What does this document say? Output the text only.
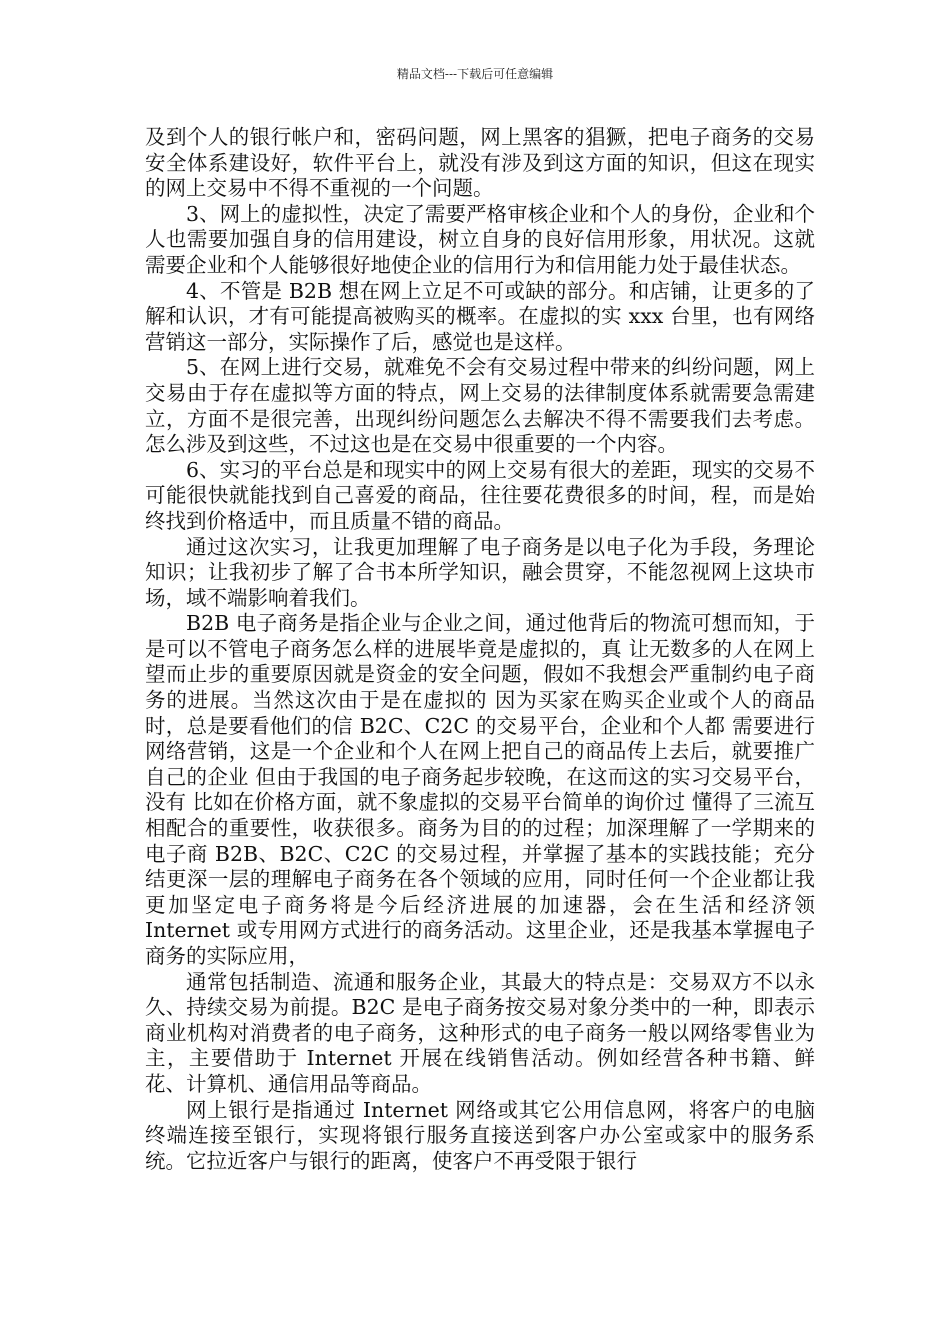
精品文档---下载后可任意编辑

及到个人的银行帐户和，密码问题，网上黑客的猖獗，把电子商务的交易安全体系建设好，软件平台上，就没有涉及到这方面的知识，但这在现实的网上交易中不得不重视的一个问题。

3、网上的虚拟性，决定了需要严格审核企业和个人的身份，企业和个人也需要加强自身的信用建设，树立自身的良好信用形象，用状况。这就需要企业和个人能够很好地使企业的信用行为和信用能力处于最佳状态。

4、不管是 B2B 想在网上立足不可或缺的部分。和店铺，让更多的了解和认识，才有可能提高被购买的概率。在虚拟的实 xxx 台里，也有网络营销这一部分，实际操作了后，感觉也是这样。

5、在网上进行交易，就难免不会有交易过程中带来的纠纷问题，网上交易由于存在虚拟等方面的特点，网上交易的法律制度体系就需要急需建立，方面不是很完善，出现纠纷问题怎么去解决不得不需要我们去考虑。怎么涉及到这些，不过这也是在交易中很重要的一个内容。

6、实习的平台总是和现实中的网上交易有很大的差距，现实的交易不可能很快就能找到自己喜爱的商品，往往要花费很多的时间，程，而是始终找到价格适中，而且质量不错的商品。

通过这次实习，让我更加理解了电子商务是以电子化为手段，务理论知识；让我初步了解了合书本所学知识，融会贯穿，不能忽视网上这块市场，域不端影响着我们。

B2B 电子商务是指企业与企业之间，通过他背后的物流可想而知，于是可以不管电子商务怎么样的进展毕竟是虚拟的，真 让无数多的人在网上望而止步的重要原因就是资金的安全问题，假如不我想会严重制约电子商务的进展。当然这次由于是在虚拟的 因为买家在购买企业或个人的商品时，总是要看他们的信 B2C、C2C 的交易平台，企业和个人都 需要进行网络营销，这是一个企业和个人在网上把自己的商品传上去后，就要推广自己的企业 但由于我国的电子商务起步较晚，在这而这的实习交易平台，没有 比如在价格方面，就不象虚拟的交易平台简单的询价过 懂得了三流互相配合的重要性，收获很多。商务为目的的过程；加深理解了一学期来的电子商 B2B、B2C、C2C 的交易过程，并掌握了基本的实践技能；充分结更深一层的理解电子商务在各个领域的应用，同时任何一个企业都让我更加坚定电子商务将是今后经济进展的加速器，会在生活和经济领 Internet 或专用网方式进行的商务活动。这里企业，还是我基本掌握电子商务的实际应用，

通常包括制造、流通和服务企业，其最大的特点是：交易双方不以永久、持续交易为前提。B2C 是电子商务按交易对象分类中的一种，即表示商业机构对消费者的电子商务，这种形式的电子商务一般以网络零售业为主，主要借助于 Internet 开展在线销售活动。例如经营各种书籍、鲜花、计算机、通信用品等商品。

网上银行是指通过 Internet 网络或其它公用信息网，将客户的电脑终端连接至银行，实现将银行服务直接送到客户办公室或家中的服务系统。它拉近客户与银行的距离，使客户不再受限于银行
